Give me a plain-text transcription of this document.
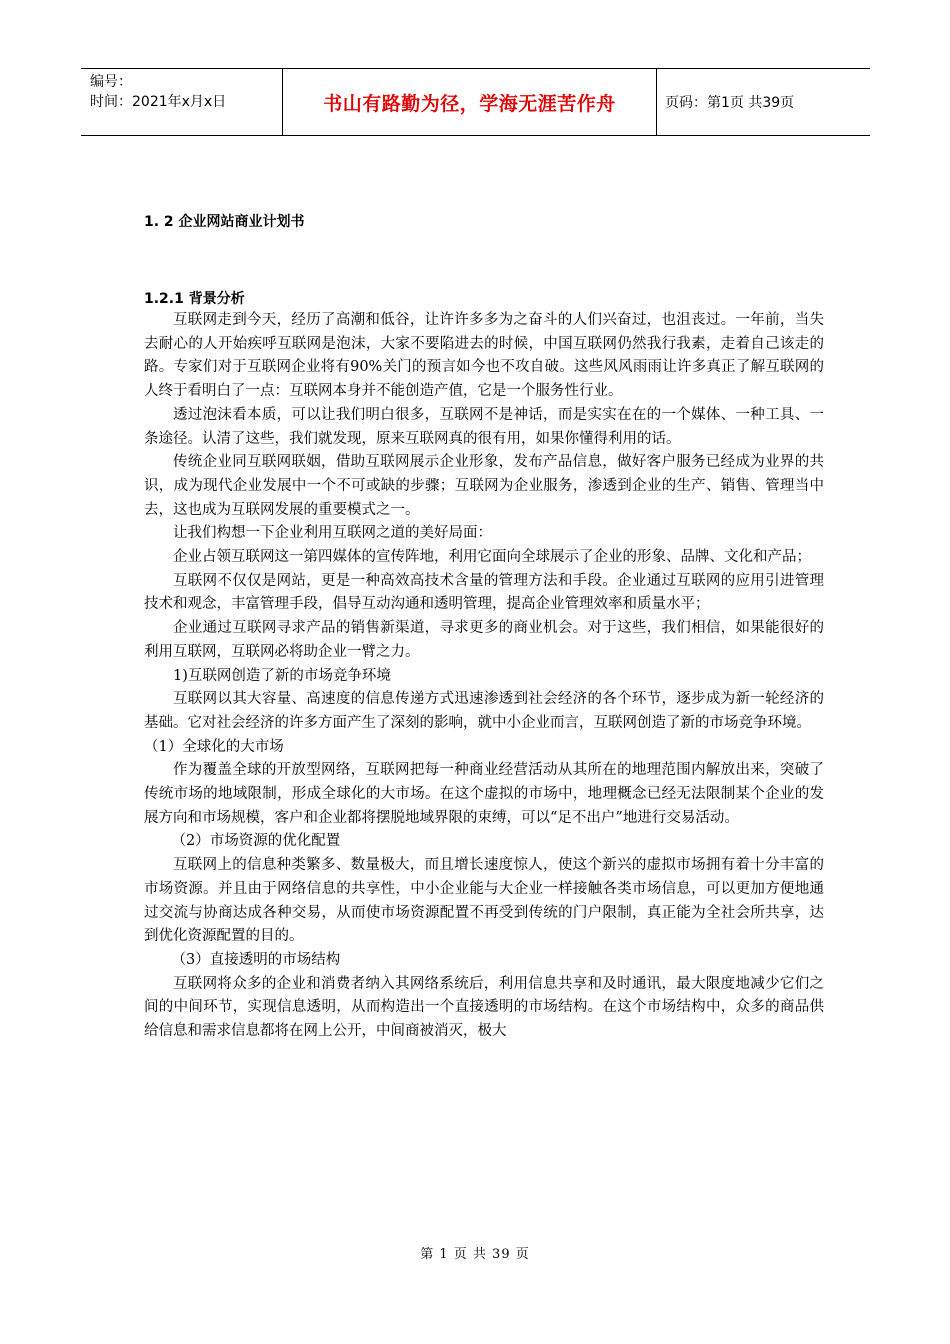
编号：
时间：2021年x月x日	书山有路勤为径，学海无涯苦作舟	页码：第1页 共39页
1. 2 企业网站商业计划书
1.2.1 背景分析

互联网走到今天，经历了高潮和低谷，让许许多多为之奋斗的人们兴奋过，也沮丧过。一年前，当失去耐心的人开始疾呼互联网是泡沫，大家不要陷进去的时候，中国互联网仍然我行我素，走着自己该走的路。专家们对于互联网企业将有90%关门的预言如今也不攻自破。这些风风雨雨让许多真正了解互联网的人终于看明白了一点：互联网本身并不能创造产值，它是一个服务性行业。

透过泡沫看本质，可以让我们明白很多，互联网不是神话，而是实实在在的一个媒体、一种工具、一条途径。认清了这些，我们就发现，原来互联网真的很有用，如果你懂得利用的话。

传统企业同互联网联姻，借助互联网展示企业形象，发布产品信息，做好客户服务已经成为业界的共识，成为现代企业发展中一个不可或缺的步骤；互联网为企业服务，渗透到企业的生产、销售、管理当中去，这也成为互联网发展的重要模式之一。

让我们构想一下企业利用互联网之道的美好局面：

企业占领互联网这一第四媒体的宣传阵地，利用它面向全球展示了企业的形象、品牌、文化和产品；

互联网不仅仅是网站，更是一种高效高技术含量的管理方法和手段。企业通过互联网的应用引进管理技术和观念，丰富管理手段，倡导互动沟通和透明管理，提高企业管理效率和质量水平；

企业通过互联网寻求产品的销售新渠道，寻求更多的商业机会。对于这些，我们相信，如果能很好的利用互联网，互联网必将助企业一臂之力。

1)互联网创造了新的市场竞争环境

互联网以其大容量、高速度的信息传递方式迅速渗透到社会经济的各个环节，逐步成为新一轮经济的基础。它对社会经济的许多方面产生了深刻的影响，就中小企业而言，互联网创造了新的市场竞争环境。

（1）全球化的大市场

作为覆盖全球的开放型网络，互联网把每一种商业经营活动从其所在的地理范围内解放出来，突破了传统市场的地域限制，形成全球化的大市场。在这个虚拟的市场中，地理概念已经无法限制某个企业的发展方向和市场规模，客户和企业都将摆脱地域界限的束缚，可以“足不出户”地进行交易活动。

（2）市场资源的优化配置

互联网上的信息种类繁多、数量极大，而且增长速度惊人，使这个新兴的虚拟市场拥有着十分丰富的市场资源。并且由于网络信息的共享性，中小企业能与大企业一样接触各类市场信息，可以更加方便地通过交流与协商达成各种交易，从而使市场资源配置不再受到传统的门户限制，真正能为全社会所共享，达到优化资源配置的目的。

（3）直接透明的市场结构

互联网将众多的企业和消费者纳入其网络系统后，利用信息共享和及时通讯，最大限度地减少它们之间的中间环节，实现信息透明，从而构造出一个直接透明的市场结构。在这个市场结构中，众多的商品供给信息和需求信息都将在网上公开，中间商被消灭，极大

第 1 页 共 39 页
